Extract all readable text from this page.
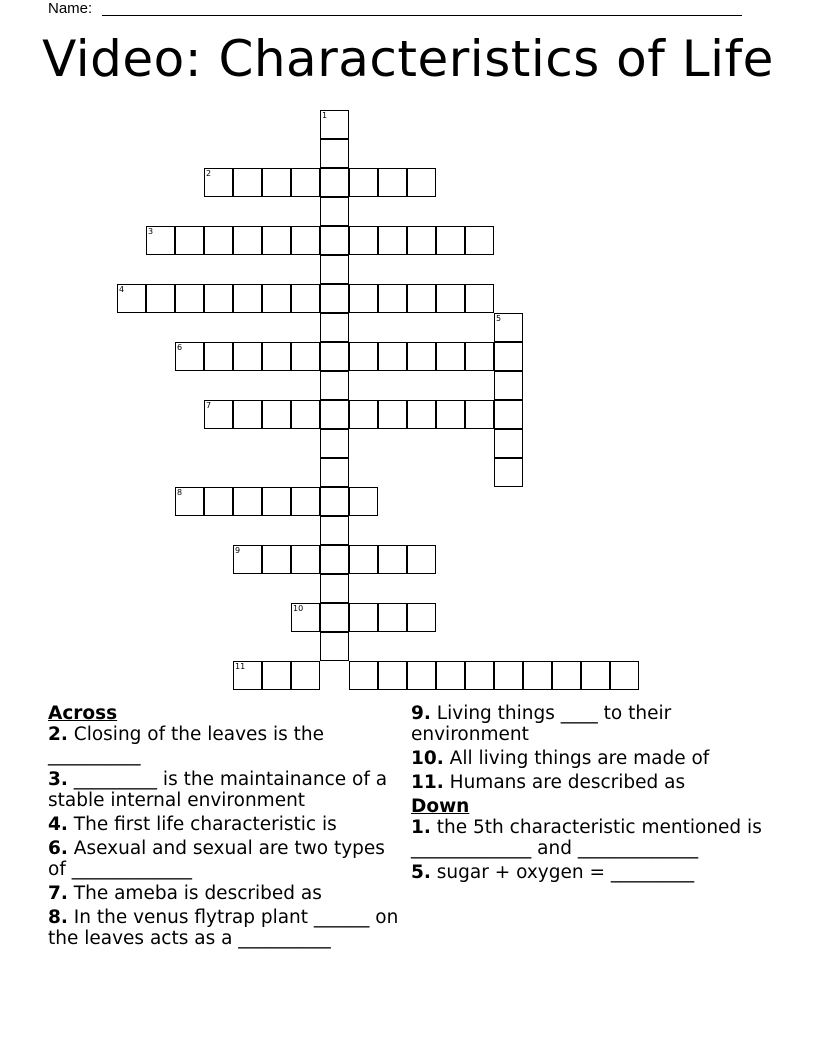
Name:
Video: Characteristics of Life
1
2
3
4
5
6
7
8
9
10
11
Across
2. Closing of the leaves is the __________
3. _________ is the maintainance of a stable internal environment
4. The first life characteristic is
6. Asexual and sexual are two types of _____________
7. The ameba is described as
8. In the venus flytrap plant ______ on the leaves acts as a __________
9. Living things ____ to their environment
10. All living things are made of
11. Humans are described as
Down
1. the 5th characteristic mentioned is _____________ and _____________
5. sugar + oxygen = _________
